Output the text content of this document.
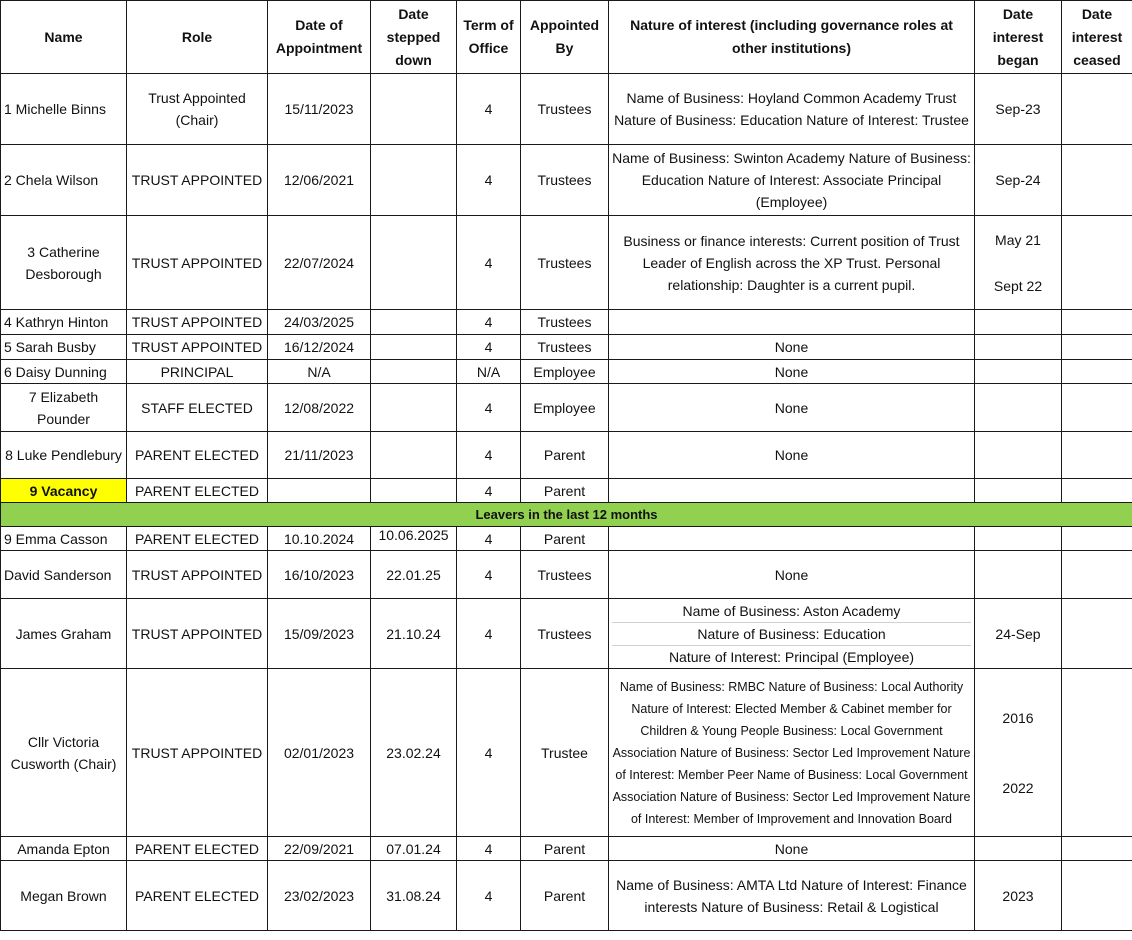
Name	Role	Date of Appointment	Date stepped down	Term of Office	Appointed By	Nature of interest (including governance roles at other institutions)	Date interest began	Date interest ceased
1 Michelle Binns	Trust Appointed (Chair)	15/11/2023		4	Trustees	Name of Business: Hoyland Common Academy Trust Nature of Business: Education Nature of Interest: Trustee	Sep-23	
2 Chela Wilson	TRUST APPOINTED	12/06/2021		4	Trustees	Name of Business: Swinton Academy Nature of Business: Education Nature of Interest: Associate Principal (Employee)	Sep-24	
3 Catherine Desborough	TRUST APPOINTED	22/07/2024		4	Trustees	Business or finance interests: Current position of Trust Leader of English across the XP Trust. Personal relationship: Daughter is a current pupil.	May 21
Sept 22	

4 Kathryn Hinton	TRUST APPOINTED	24/03/2025		4	Trustees			
5 Sarah Busby	TRUST APPOINTED	16/12/2024		4	Trustees	None		
6 Daisy Dunning	PRINCIPAL	N/A		N/A	Employee	None		
7 Elizabeth Pounder	STAFF ELECTED	12/08/2022		4	Employee	None		
8 Luke Pendlebury	PARENT ELECTED	21/11/2023		4	Parent	None		
9 Vacancy	PARENT ELECTED			4	Parent			
Leavers in the last 12 months								
9 Emma Casson	PARENT ELECTED	10.10.2024	10.06.2025	4	Parent			
David Sanderson	TRUST APPOINTED	16/10/2023	22.01.25	4	Trustees	None		
James Graham	TRUST APPOINTED	15/09/2023	21.10.24	4	Trustees	Name of Business: Aston Academy
Nature of Business: Education
Nature of Interest: Principal (Employee)	24-Sep	
Cllr Victoria Cusworth (Chair)	TRUST APPOINTED	02/01/2023	23.02.24	4	Trustee	Name of Business: RMBC Nature of Business: Local Authority Nature of Interest: Elected Member & Cabinet member for Children & Young People Business: Local Government Association Nature of Business: Sector Led Improvement Nature of Interest: Member Peer Name of Business: Local Government Association Nature of Business: Sector Led Improvement Nature of Interest: Member of Improvement and Innovation Board	2016
2022	

Amanda Epton	PARENT ELECTED	22/09/2021	07.01.24	4	Parent	None		
Megan Brown	PARENT ELECTED	23/02/2023	31.08.24	4	Parent	Name of Business: AMTA Ltd Nature of Interest: Finance interests Nature of Business: Retail & Logistical	2023	
